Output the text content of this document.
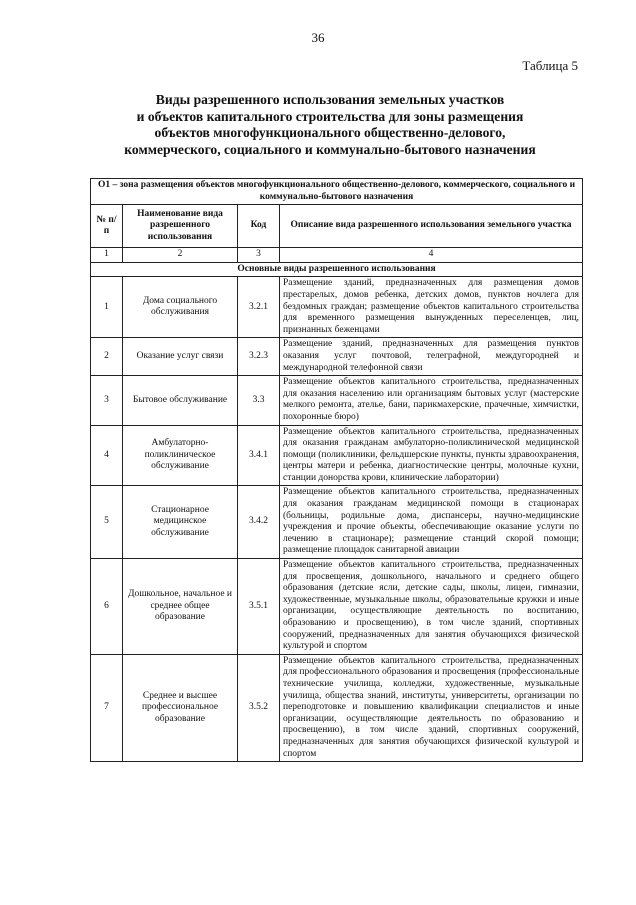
36
Таблица 5
Виды разрешенного использования земельных участков
и объектов капитального строительства для зоны размещения
объектов многофункционального общественно-делового,
коммерческого, социального и коммунально-бытового назначения
О1 – зона размещения объектов многофункционального общественно-делового, коммерческого, социального и коммунально-бытового назначения			
№ п/п	Наименование вида разрешенного использования	Код	Описание вида разрешенного использования земельного участка
1	2	3	4
Основные виды разрешенного использования			
1	Дома социального обслуживания	3.2.1	Размещение зданий, предназначенных для размещения домов престарелых, домов ребенка, детских домов, пунктов ночлега для бездомных граждан; размещение объектов капитального строительства для временного размещения вынужденных переселенцев, лиц, признанных беженцами
2	Оказание услуг связи	3.2.3	Размещение зданий, предназначенных для размещения пунктов оказания услуг почтовой, телеграфной, междугородней и международной телефонной связи
3	Бытовое обслуживание	3.3	Размещение объектов капитального строительства, предназначенных для оказания населению или организациям бытовых услуг (мастерские мелкого ремонта, ателье, бани, парикмахерские, прачечные, химчистки, похоронные бюро)
4	Амбулаторно-поликлиническое обслуживание	3.4.1	Размещение объектов капитального строительства, предназначенных для оказания гражданам амбулаторно-поликлинической медицинской помощи (поликлиники, фельдшерские пункты, пункты здравоохранения, центры матери и ребенка, диагностические центры, молочные кухни, станции донорства крови, клинические лаборатории)
5	Стационарное медицинское обслуживание	3.4.2	Размещение объектов капитального строительства, предназначенных для оказания гражданам медицинской помощи в стационарах (больницы, родильные дома, диспансеры, научно-медицинские учреждения и прочие объекты, обеспечивающие оказание услуги по лечению в стационаре); размещение станций скорой помощи; размещение площадок санитарной авиации
6	Дошкольное, начальное и среднее общее образование	3.5.1	Размещение объектов капитального строительства, предназначенных для просвещения, дошкольного, начального и среднего общего образования (детские ясли, детские сады, школы, лицеи, гимназии, художественные, музыкальные школы, образовательные кружки и иные организации, осуществляющие деятельность по воспитанию, образованию и просвещению), в том числе зданий, спортивных сооружений, предназначенных для занятия обучающихся физической культурой и спортом
7	Среднее и высшее профессиональное образование	3.5.2	Размещение объектов капитального строительства, предназначенных для профессионального образования и просвещения (профессиональные технические училища, колледжи, художественные, музыкальные училища, общества знаний, институты, университеты, организации по переподготовке и повышению квалификации специалистов и иные организации, осуществляющие деятельность по образованию и просвещению), в том числе зданий, спортивных сооружений, предназначенных для занятия обучающихся физической культурой и спортом
